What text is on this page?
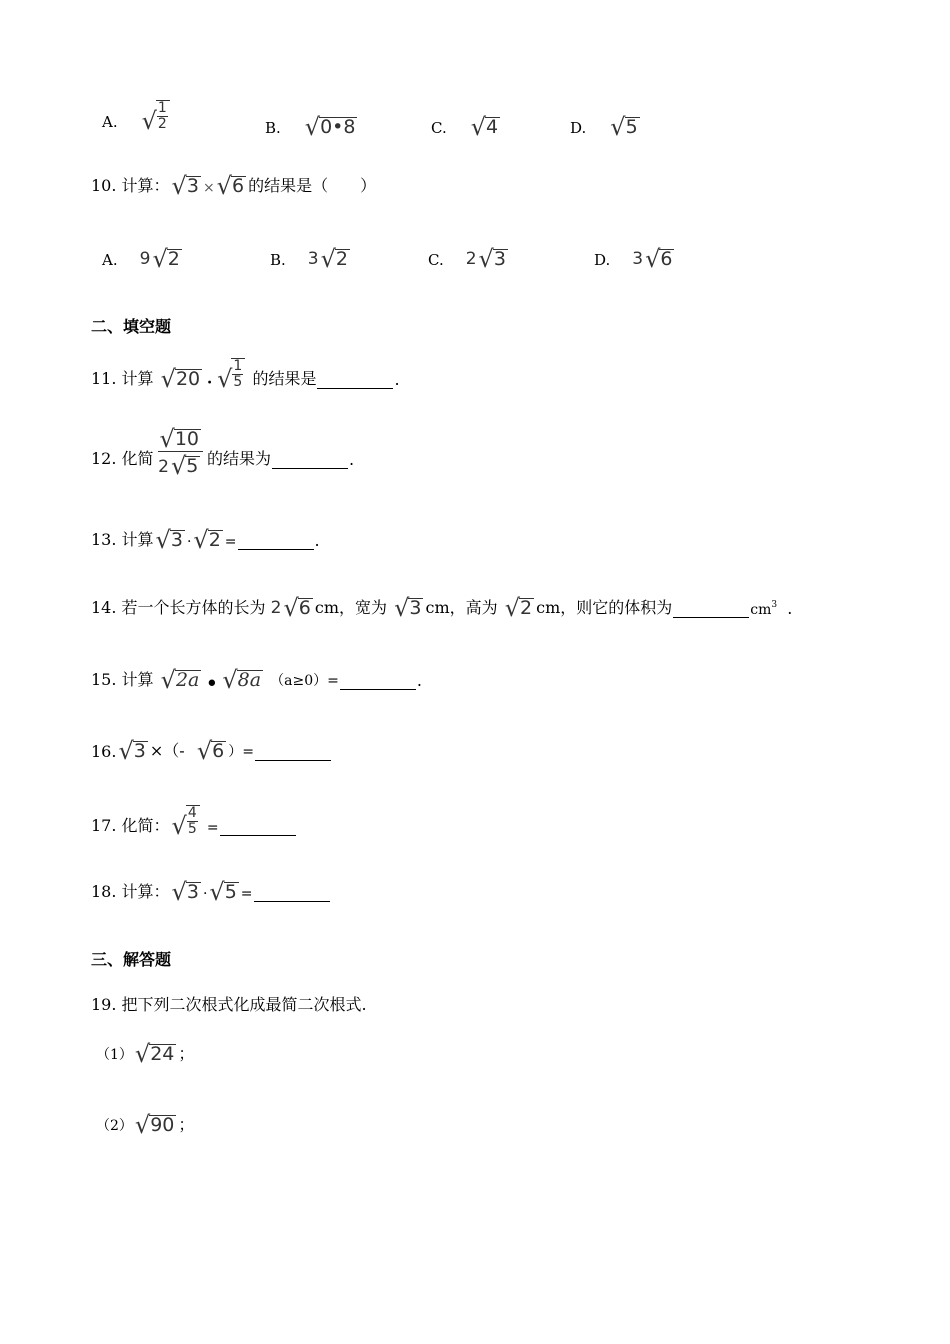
A. √ $\frac{1}{2}$	B. √ 0•8	C. √ 4	D. √ 5
10. 计算： √ 3 × √ 6 的结果是（　　）
A. 9 √ 2	B. 3 √ 2	C. 2 √ 3	D. 3 √ 6
二、填空题
11. 计算
√ 20 · √ $\frac{1}{5}$
的结果是	.
12. 化简
√ 10
2 √ 5 的结果为	.
13. 计算 √ 3 · √ 2 =	.
14. 若一个长方体的长为
2 √ 6 cm，宽为
√ 3 cm，高为
√ 2 cm，则它的体积为	$cm^3$
.
15. 计算
√ 2a • √ 8a
（a≥0）=	.
16. √ 3 ×（-
√ 6 ）=
17. 化简： √ $\frac{4}{5}$
=
18. 计算： √ 3 · √ 5 =
三、解答题
19. 把下列二次根式化成最简二次根式.
（1） √ 24 ；
（2） √ 90 ；
